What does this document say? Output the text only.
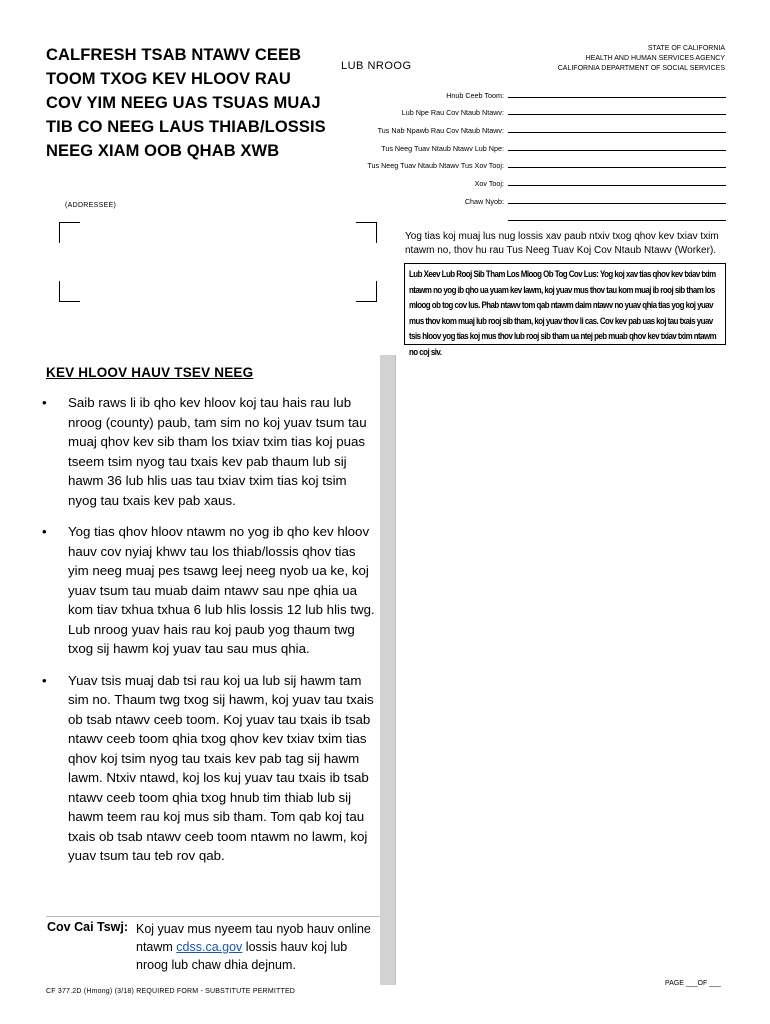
CALFRESH TSAB NTAWV CEEB TOOM TXOG KEV HLOOV RAU COV YIM NEEG UAS TSUAS MUAJ TIB CO NEEG LAUS THIAB/LOSSIS NEEG XIAM OOB QHAB XWB
LUB NROOG
STATE OF CALIFORNIA
HEALTH AND HUMAN SERVICES AGENCY
CALIFORNIA DEPARTMENT OF SOCIAL SERVICES
Hnub Ceeb Toom:
Lub Npe Rau Cov Ntaub Ntawv:
Tus Nab Npawb Rau Cov Ntaub Ntawv:
Tus Neeg Tuav Ntaub Ntawv Lub Npe:
Tus Neeg Tuav Ntaub Ntawv Tus Xov Tooj:
Xov Tooj:
Chaw Nyob:
(ADDRESSEE)
Yog tias koj muaj lus nug lossis xav paub ntxiv txog qhov kev txiav txim ntawm no, thov hu rau Tus Neeg Tuav Koj Cov Ntaub Ntawv (Worker).
Lub Xeev Lub Rooj Sib Tham Los Mloog Ob Tog Cov Lus: Yog koj xav tias qhov kev txiav txim ntawm no yog ib qho ua yuam kev lawm, koj yuav mus thov tau kom muaj ib rooj sib tham los mloog ob tog cov lus. Phab ntawv tom qab ntawm daim ntawv no yuav qhia tias yog koj yuav mus thov kom muaj lub rooj sib tham, koj yuav thov li cas. Cov kev pab uas koj tau txais yuav tsis hloov yog tias koj mus thov lub rooj sib tham ua ntej peb muab qhov kev txiav txim ntawm no coj siv.
KEV HLOOV HAUV TSEV NEEG
• Saib raws li ib qho kev hloov koj tau hais rau lub nroog (county) paub, tam sim no koj yuav tsum tau muaj qhov kev sib tham los txiav txim tias koj puas tseem tsim nyog tau txais kev pab thaum lub sij hawm 36 lub hlis uas tau txiav txim tias koj tsim nyog tau txais kev pab xaus.
• Yog tias qhov hloov ntawm no yog ib qho kev hloov hauv cov nyiaj khwv tau los thiab/lossis qhov tias yim neeg muaj pes tsawg leej neeg nyob ua ke, koj yuav tsum tau muab daim ntawv sau npe qhia ua kom tiav txhua txhua 6 lub hlis lossis 12 lub hlis twg. Lub nroog yuav hais rau koj paub yog thaum twg txog sij hawm koj yuav tau sau mus qhia.
• Yuav tsis muaj dab tsi rau koj ua lub sij hawm tam sim no. Thaum twg txog sij hawm, koj yuav tau txais ob tsab ntawv ceeb toom. Koj yuav tau txais ib tsab ntawv ceeb toom qhia txog qhov kev txiav txim tias qhov koj tsim nyog tau txais kev pab tag sij hawm lawm. Ntxiv ntawd, koj los kuj yuav tau txais ib tsab ntawv ceeb toom qhia txog hnub tim thiab lub sij hawm teem rau koj mus sib tham. Tom qab koj tau txais ob tsab ntawv ceeb toom ntawm no lawm, koj yuav tsum tau teb rov qab.
Cov Cai Tswj: Koj yuav mus nyeem tau nyob hauv online ntawm cdss.ca.gov lossis hauv koj lub nroog lub chaw dhia dejnum.
CF 377.2D (Hmong) (3/18) REQUIRED FORM - SUBSTITUTE PERMITTED
PAGE ___OF ___
